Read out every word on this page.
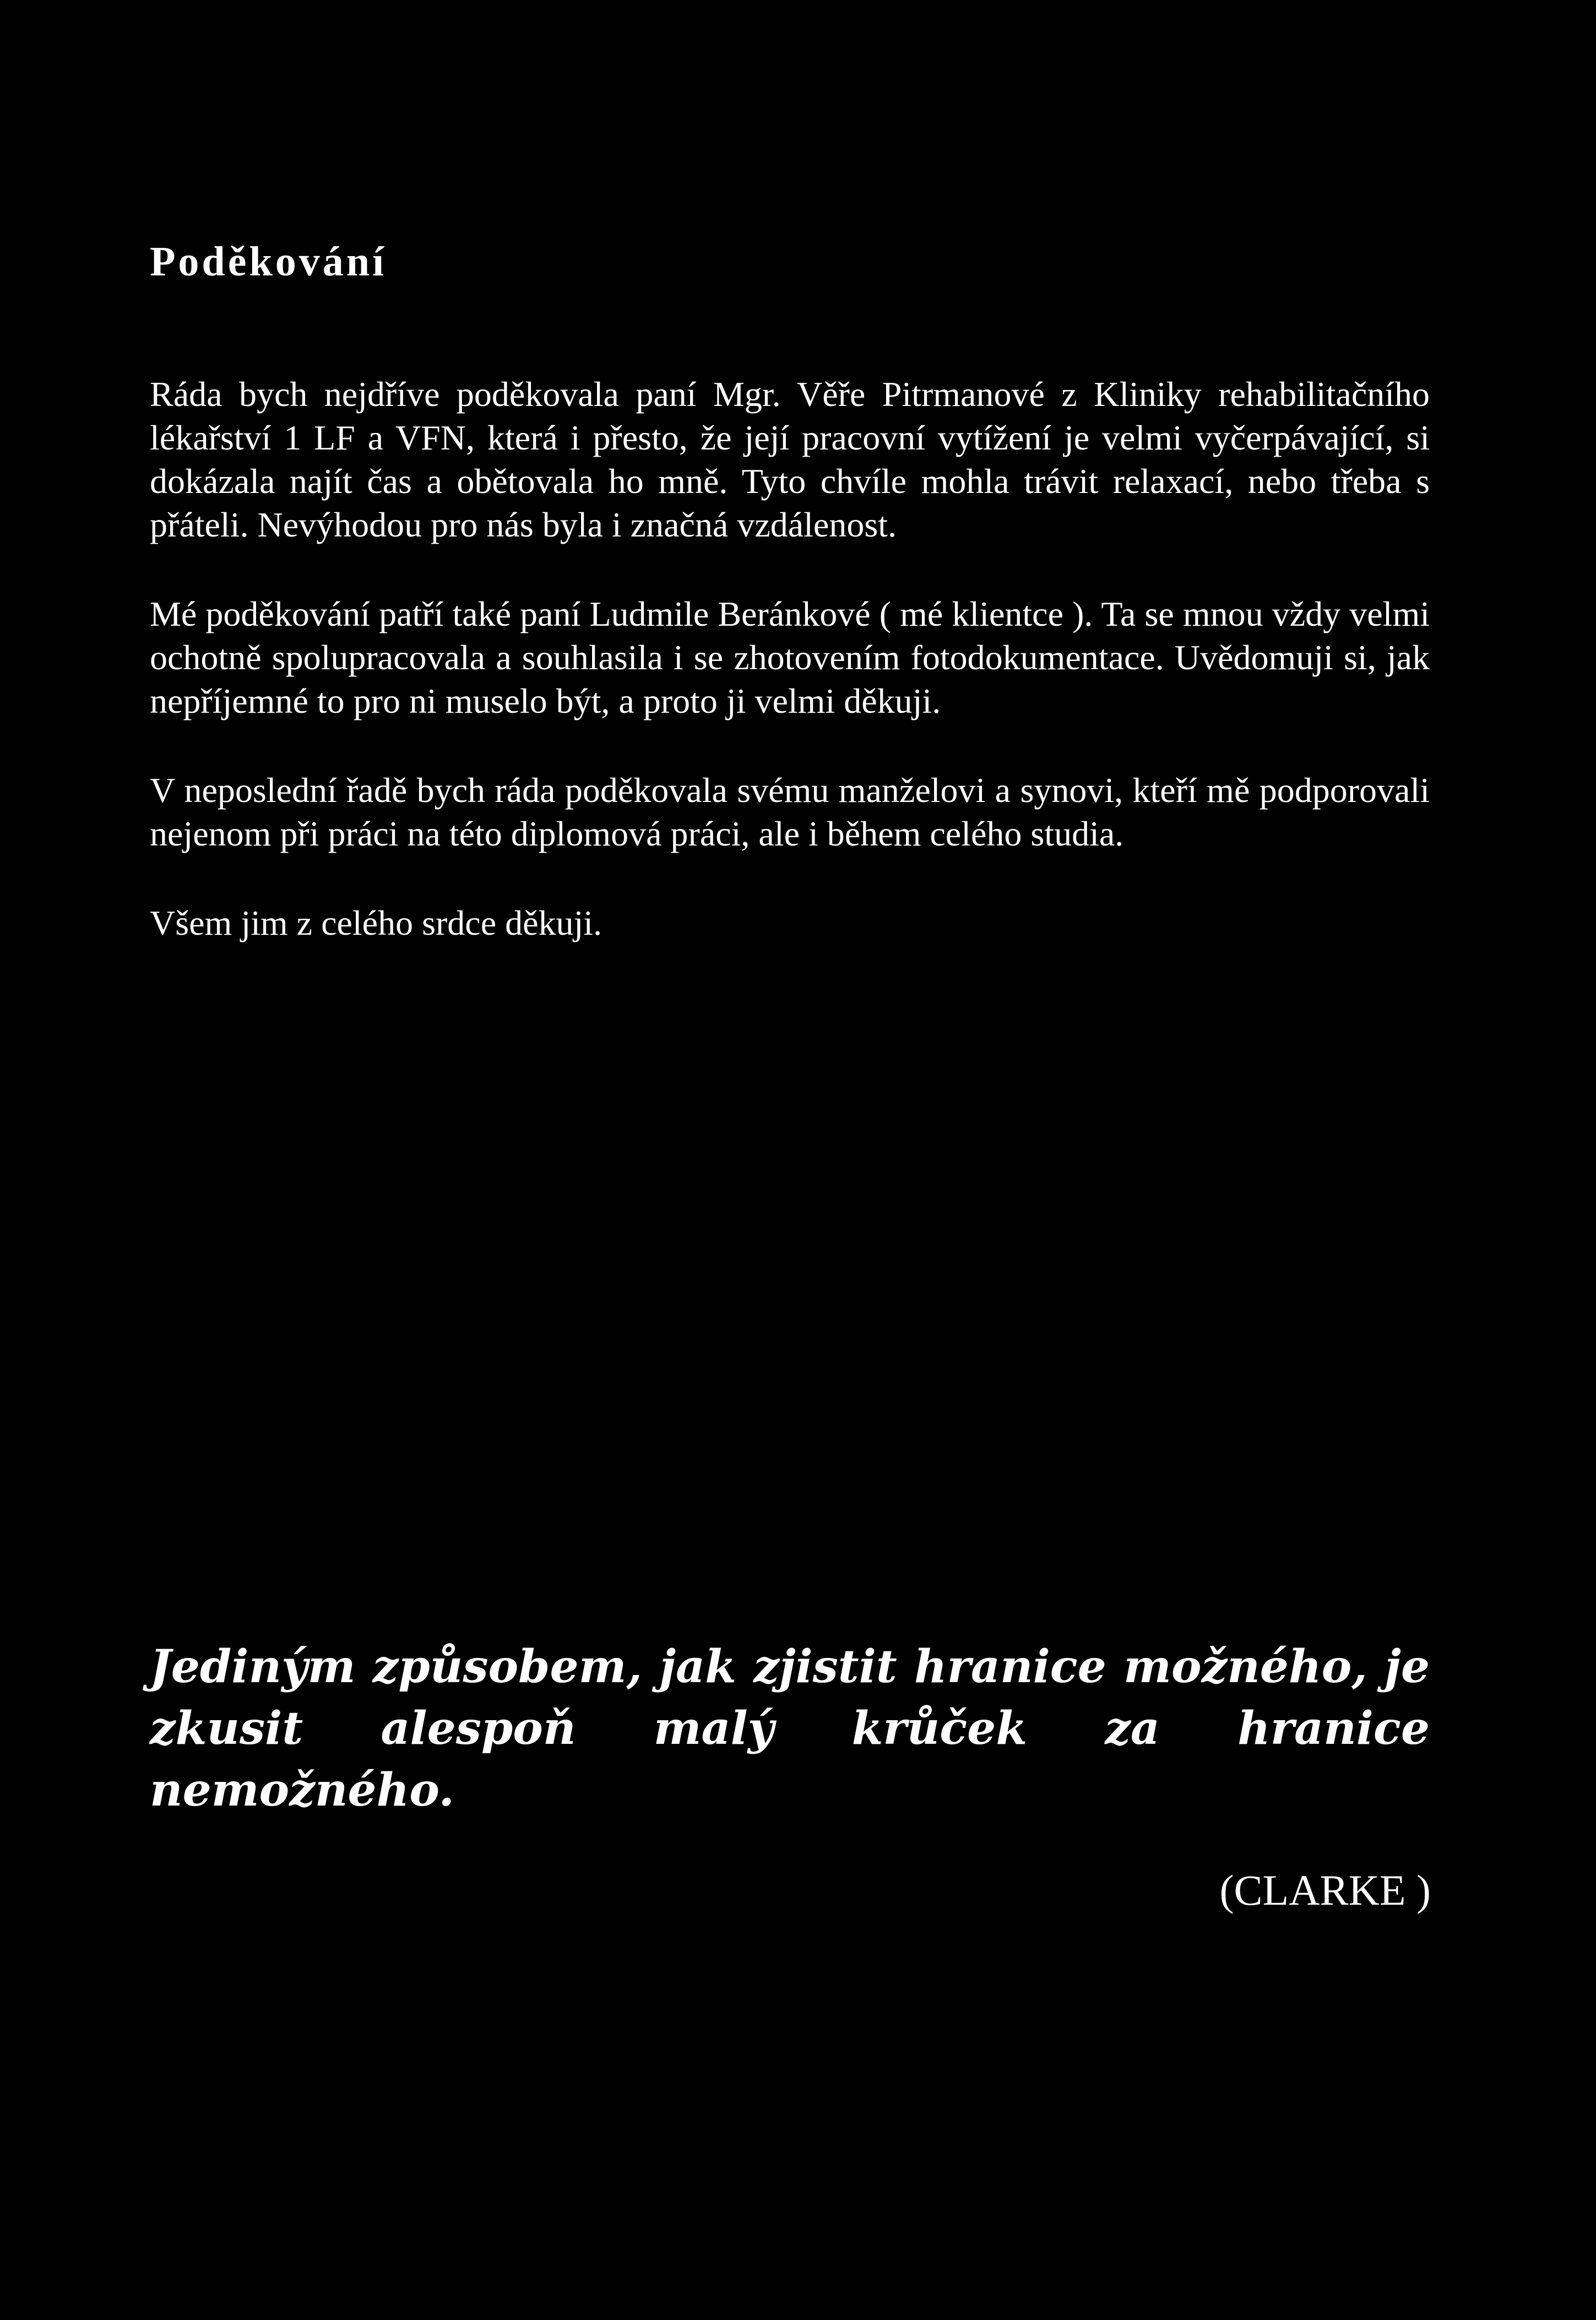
Poděkování

Ráda bych nejdříve poděkovala paní Mgr. Věře Pitrmanové z Kliniky rehabilitačního lékařství 1 LF a VFN, která i přesto, že její pracovní vytížení je velmi vyčerpávající, si dokázala najít čas a obětovala ho mně. Tyto chvíle mohla trávit relaxací, nebo třeba s přáteli. Nevýhodou pro nás byla i značná vzdálenost.

Mé poděkování patří také paní Ludmile Beránkové ( mé klientce ). Ta se mnou vždy velmi ochotně spolupracovala a souhlasila i se zhotovením fotodokumentace. Uvědomuji si, jak nepříjemné to pro ni muselo být, a proto ji velmi děkuji.

V neposlední řadě bych ráda poděkovala svému manželovi a synovi, kteří mě podporovali nejenom při práci na této diplomová práci, ale i během celého studia.

Všem jim z celého srdce děkuji.

Jediným způsobem, jak zjistit hranice možného, je zkusit alespoň malý krůček za hranice nemožného.

(CLARKE )
